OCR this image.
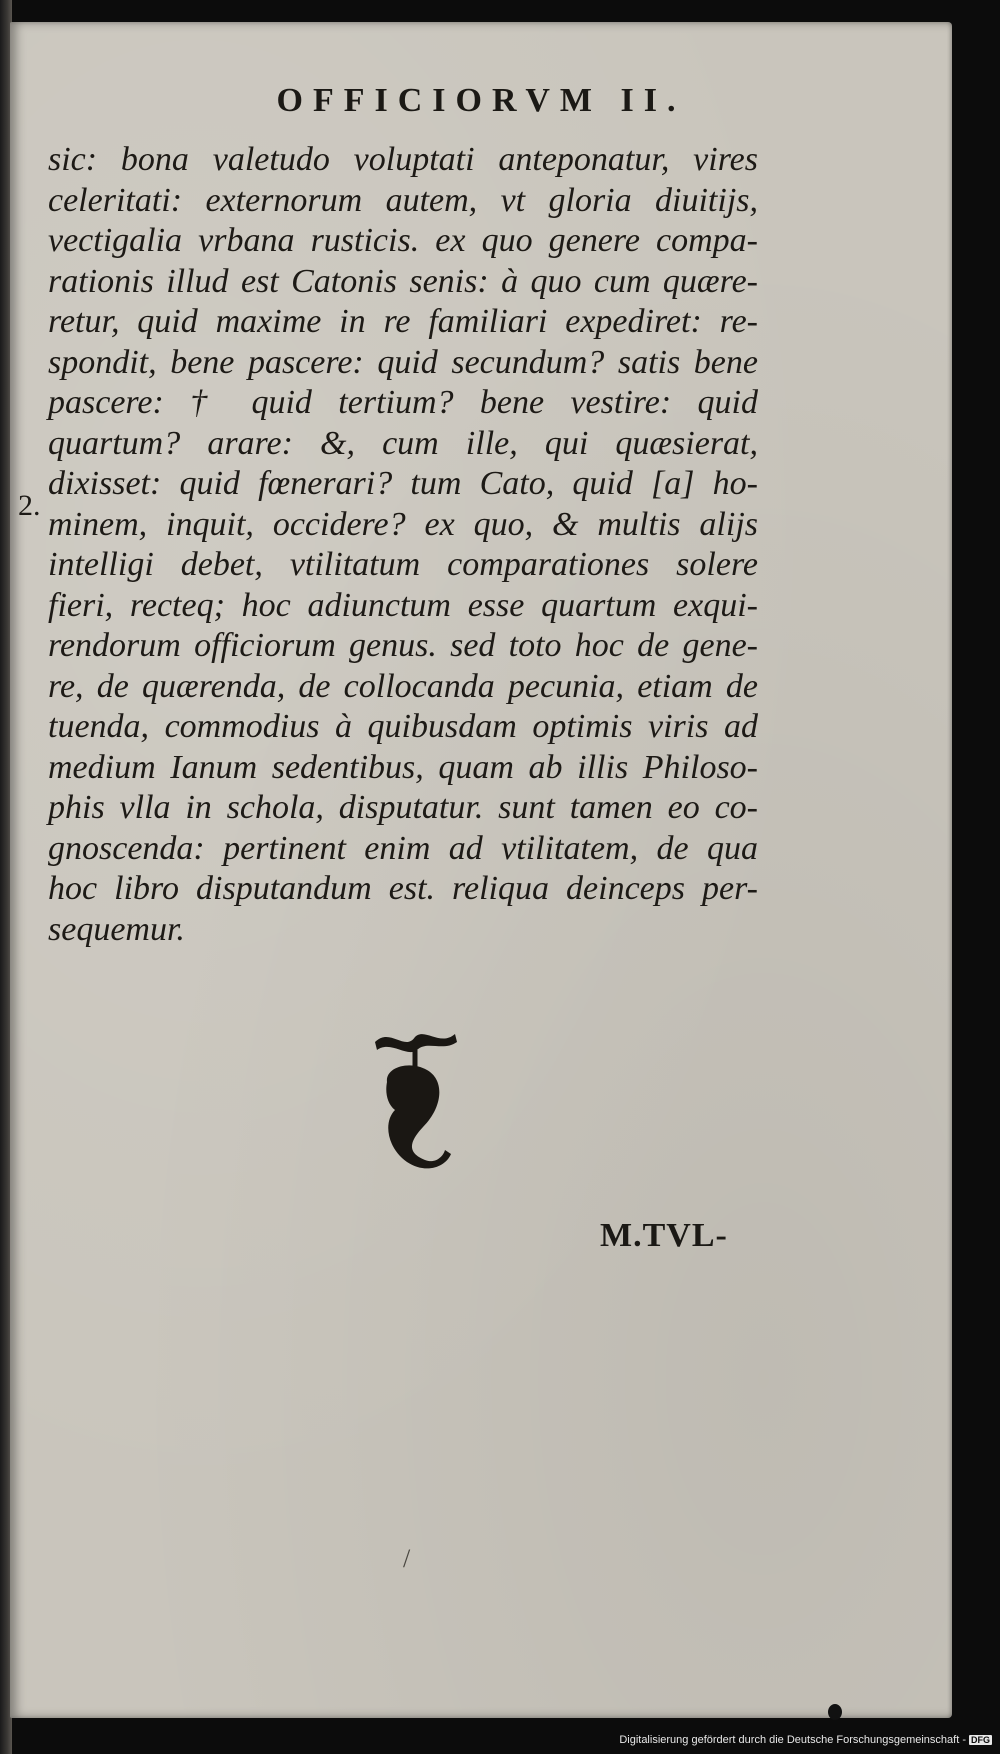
OFFICIORVM II.
2.
sic: bona valetudo voluptati anteponatur, vires
celeritati: externorum autem, vt gloria diuitijs,
vectigalia vrbana rusticis. ex quo genere compa-
rationis illud est Catonis senis: à quo cum quære-
retur, quid maxime in re familiari expediret: re-
spondit, bene pascere: quid secundum? satis bene
pascere: † quid tertium? bene vestire: quid
quartum? arare: &, cum ille, qui quæsierat,
dixisset: quid fœnerari? tum Cato, quid [a] ho-
minem, inquit, occidere? ex quo, & multis alijs
intelligi debet, vtilitatum comparationes solere
fieri, recteq; hoc adiunctum esse quartum exqui-
rendorum officiorum genus. sed toto hoc de gene-
re, de quærenda, de collocanda pecunia, etiam de
tuenda, commodius à quibusdam optimis viris ad
medium Ianum sedentibus, quam ab illis Philoso-
phis vlla in schola, disputatur. sunt tamen eo co-
gnoscenda: pertinent enim ad vtilitatem, de qua
hoc libro disputandum est. reliqua deinceps per-
sequemur.
M.TVL-
/
Digitalisierung gefördert durch die Deutsche Forschungsgemeinschaft - DFG
